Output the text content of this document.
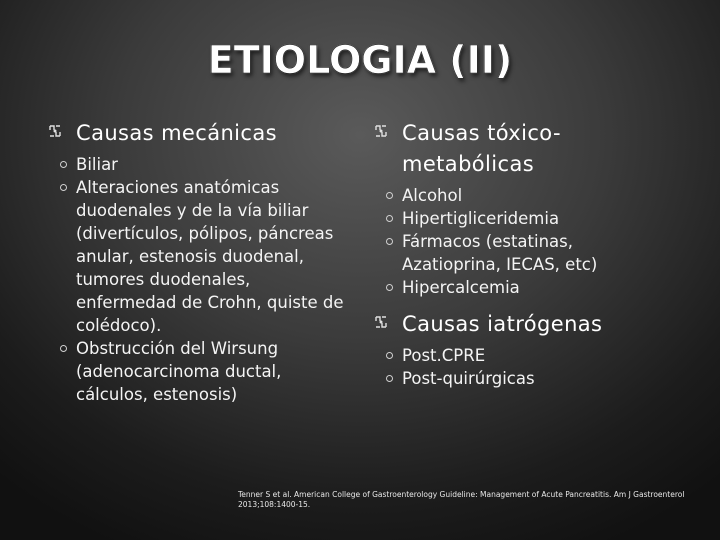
ETIOLOGIA (II)
Causas mecánicas
Biliar
Alteraciones anatómicas duodenales y de la vía biliar (divertículos, pólipos, páncreas anular, estenosis duodenal, tumores duodenales, enfermedad de Crohn, quiste de colédoco).
Obstrucción del Wirsung (adenocarcinoma ductal, cálculos, estenosis)
Causas tóxico-metabólicas
Alcohol
Hipertigliceridemia
Fármacos (estatinas, Azatioprina, IECAS, etc)
Hipercalcemia
Causas iatrógenas
Post.CPRE
Post-quirúrgicas
Tenner S et al. American College of Gastroenterology Guideline: Management of Acute Pancreatitis. Am J Gastroenterol 2013;108:1400-15.
